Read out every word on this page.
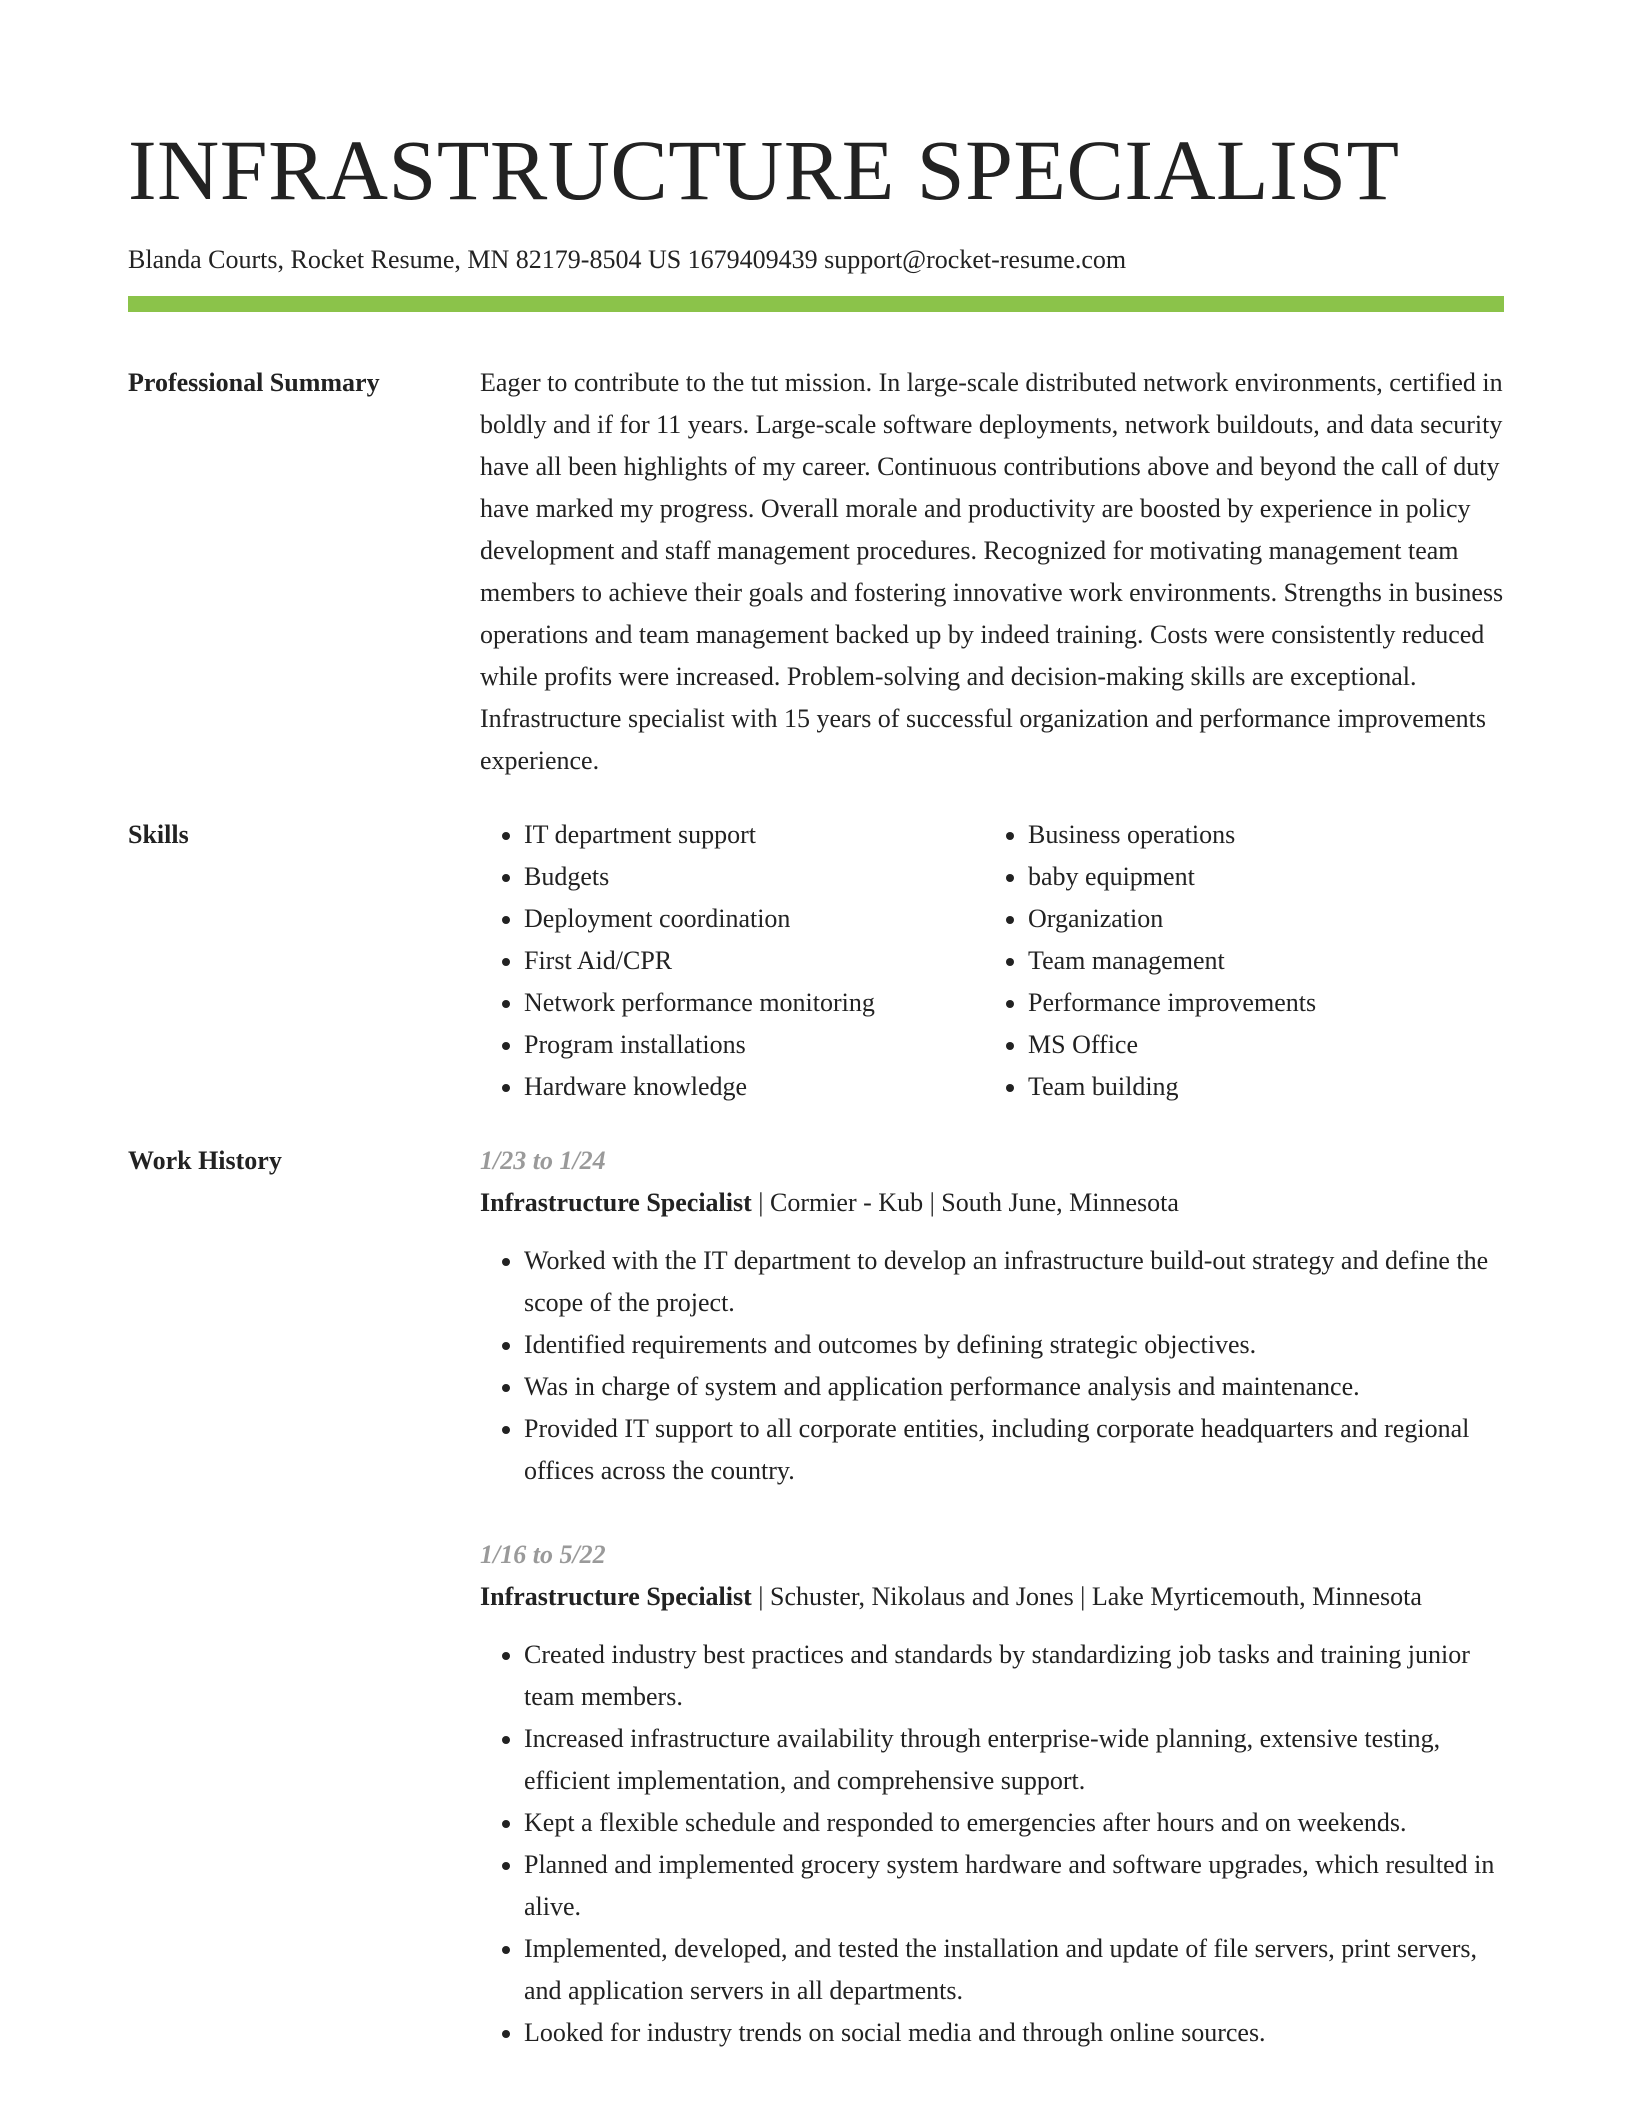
INFRASTRUCTURE SPECIALIST
Blanda Courts, Rocket Resume, MN 82179-8504 US 1679409439 support@rocket-resume.com
Professional Summary	Eager to contribute to the tut mission. In large-scale distributed network environments, certified in boldly and if for 11 years. Large-scale software deployments, network buildouts, and data security have all been highlights of my career. Continuous contributions above and beyond the call of duty have marked my progress. Overall morale and productivity are boosted by experience in policy development and staff management procedures. Recognized for motivating management team members to achieve their goals and fostering innovative work environments. Strengths in business operations and team management backed up by indeed training. Costs were consistently reduced while profits were increased. Problem-solving and decision-making skills are exceptional. Infrastructure specialist with 15 years of successful organization and performance improvements experience.
Skills
•	IT department support
• Budgets
• Deployment coordination
• First Aid/CPR
• Network performance monitoring
• Program installations
• Hardware knowledge
• Business operations
• baby equipment
• Organization
• Team management
• Performance improvements
• MS Office
• Team building
Work History	1/23 to 1/24
Infrastructure Specialist | Cormier - Kub | South June, Minnesota
• Worked with the IT department to develop an infrastructure build-out strategy and define the scope of the project.
• Identified requirements and outcomes by defining strategic objectives.
• Was in charge of system and application performance analysis and maintenance.
• Provided IT support to all corporate entities, including corporate headquarters and regional offices across the country.
1/16 to 5/22
Infrastructure Specialist | Schuster, Nikolaus and Jones | Lake Myrticemouth, Minnesota
• Created industry best practices and standards by standardizing job tasks and training junior team members.
• Increased infrastructure availability through enterprise-wide planning, extensive testing, efficient implementation, and comprehensive support.
• Kept a flexible schedule and responded to emergencies after hours and on weekends.
• Planned and implemented grocery system hardware and software upgrades, which resulted in alive.
• Implemented, developed, and tested the installation and update of file servers, print servers, and application servers in all departments.
• Looked for industry trends on social media and through online sources.
